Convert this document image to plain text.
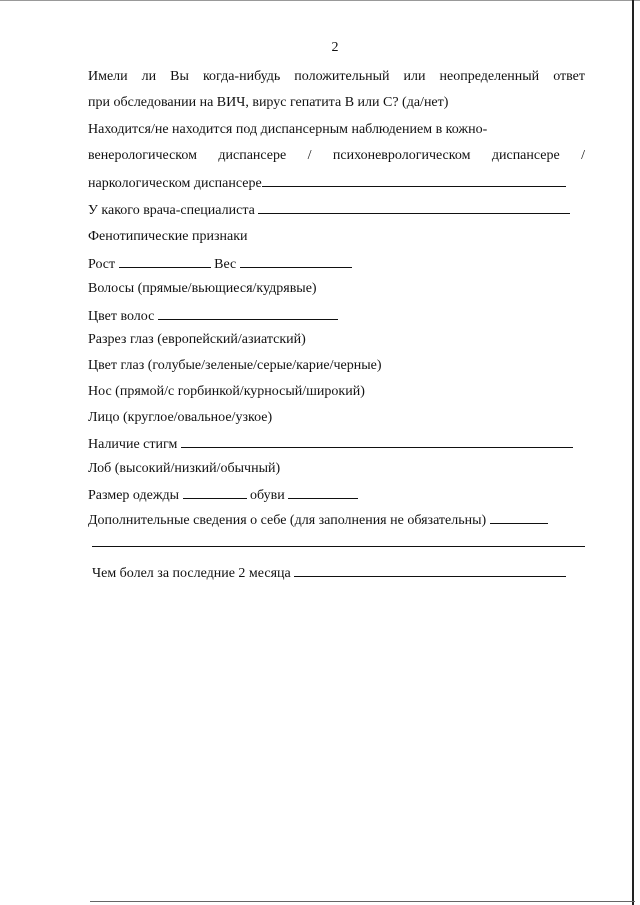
2
Имели ли Вы когда-нибудь положительный или неопределенный ответ
при обследовании на ВИЧ, вирус гепатита В или С? (да/нет)
Находится/не находится под диспансерным наблюдением в кожно-
венерологическом диспансере / психоневрологическом диспансере /
наркологическом диспансере
У какого врача-специалиста
Фенотипические признаки
Рост	Вес
Волосы (прямые/вьющиеся/кудрявые)
Цвет волос
Разрез глаз (европейский/азиатский)
Цвет глаз (голубые/зеленые/серые/карие/черные)
Нос (прямой/с горбинкой/курносый/широкий)
Лицо (круглое/овальное/узкое)
Наличие стигм
Лоб (высокий/низкий/обычный)
Размер одежды	обуви
Дополнительные сведения о себе (для заполнения не обязательны)
Чем болел за последние 2 месяца
